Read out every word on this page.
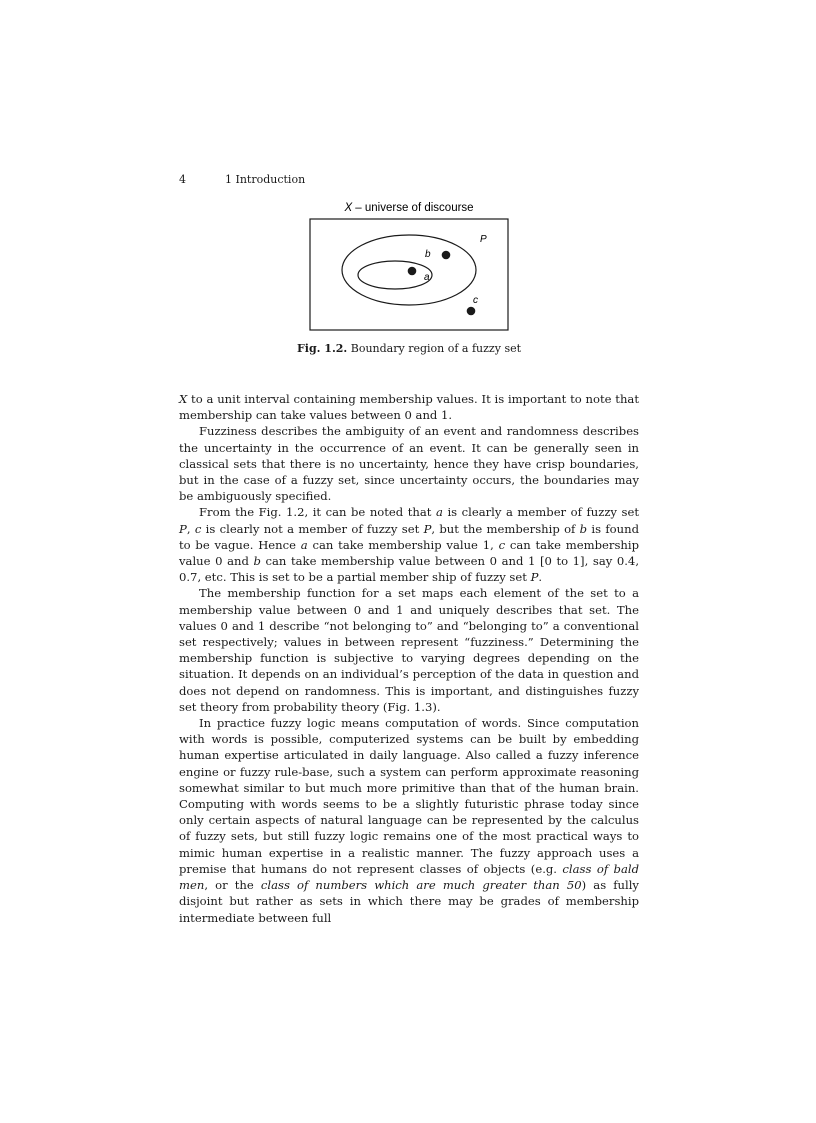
4	1 Introduction
X – universe of discourse
P
a
b
c
Fig. 1.2. Boundary region of a fuzzy set

X to a unit interval containing membership values. It is important to note that membership can take values between 0 and 1.

Fuzziness describes the ambiguity of an event and randomness describes the uncertainty in the occurrence of an event. It can be generally seen in classical sets that there is no uncertainty, hence they have crisp boundaries, but in the case of a fuzzy set, since uncertainty occurs, the boundaries may be ambiguously specified.

From the Fig. 1.2, it can be noted that a is clearly a member of fuzzy set P, c is clearly not a member of fuzzy set P, but the membership of b is found to be vague. Hence a can take membership value 1, c can take membership value 0 and b can take membership value between 0 and 1 [0 to 1], say 0.4, 0.7, etc. This is set to be a partial member ship of fuzzy set P.

The membership function for a set maps each element of the set to a membership value between 0 and 1 and uniquely describes that set. The values 0 and 1 describe “not belonging to” and “belonging to” a conventional set respectively; values in between represent “fuzziness.” Determining the membership function is subjective to varying degrees depending on the situation. It depends on an individual’s perception of the data in question and does not depend on randomness. This is important, and distinguishes fuzzy set theory from probability theory (Fig. 1.3).

In practice fuzzy logic means computation of words. Since computation with words is possible, computerized systems can be built by embedding human expertise articulated in daily language. Also called a fuzzy inference engine or fuzzy rule-base, such a system can perform approximate reasoning somewhat similar to but much more primitive than that of the human brain. Computing with words seems to be a slightly futuristic phrase today since only certain aspects of natural language can be represented by the calculus of fuzzy sets, but still fuzzy logic remains one of the most practical ways to mimic human expertise in a realistic manner. The fuzzy approach uses a premise that humans do not represent classes of objects (e.g. class of bald men, or the class of numbers which are much greater than 50) as fully disjoint but rather as sets in which there may be grades of membership intermediate between full
